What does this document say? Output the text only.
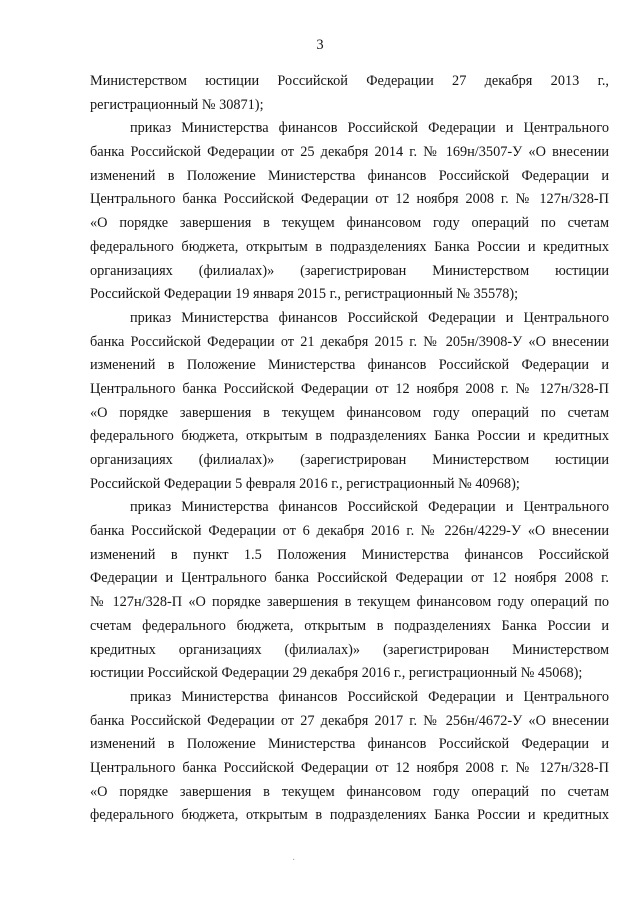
3
Министерством юстиции Российской Федерации 27 декабря 2013 г.,
регистрационный № 30871);
приказ Министерства финансов Российской Федерации и Центрального
банка Российской Федерации от 25 декабря 2014 г. № 169н/3507-У «О внесении
изменений в Положение Министерства финансов Российской Федерации и
Центрального банка Российской Федерации от 12 ноября 2008 г. № 127н/328-П
«О порядке завершения в текущем финансовом году операций по счетам
федерального бюджета, открытым в подразделениях Банка России и кредитных
организациях (филиалах)» (зарегистрирован Министерством юстиции
Российской Федерации 19 января 2015 г., регистрационный № 35578);
приказ Министерства финансов Российской Федерации и Центрального
банка Российской Федерации от 21 декабря 2015 г. № 205н/3908-У «О внесении
изменений в Положение Министерства финансов Российской Федерации и
Центрального банка Российской Федерации от 12 ноября 2008 г. № 127н/328-П
«О порядке завершения в текущем финансовом году операций по счетам
федерального бюджета, открытым в подразделениях Банка России и кредитных
организациях (филиалах)» (зарегистрирован Министерством юстиции
Российской Федерации 5 февраля 2016 г., регистрационный № 40968);
приказ Министерства финансов Российской Федерации и Центрального
банка Российской Федерации от 6 декабря 2016 г. № 226н/4229-У «О внесении
изменений в пункт 1.5 Положения Министерства финансов Российской
Федерации и Центрального банка Российской Федерации от 12 ноября 2008 г.
№ 127н/328-П «О порядке завершения в текущем финансовом году операций по
счетам федерального бюджета, открытым в подразделениях Банка России и
кредитных организациях (филиалах)» (зарегистрирован Министерством
юстиции Российской Федерации 29 декабря 2016 г., регистрационный № 45068);
приказ Министерства финансов Российской Федерации и Центрального
банка Российской Федерации от 27 декабря 2017 г. № 256н/4672-У «О внесении
изменений в Положение Министерства финансов Российской Федерации и
Центрального банка Российской Федерации от 12 ноября 2008 г. № 127н/328-П
«О порядке завершения в текущем финансовом году операций по счетам
федерального бюджета, открытым в подразделениях Банка России и кредитных
·
